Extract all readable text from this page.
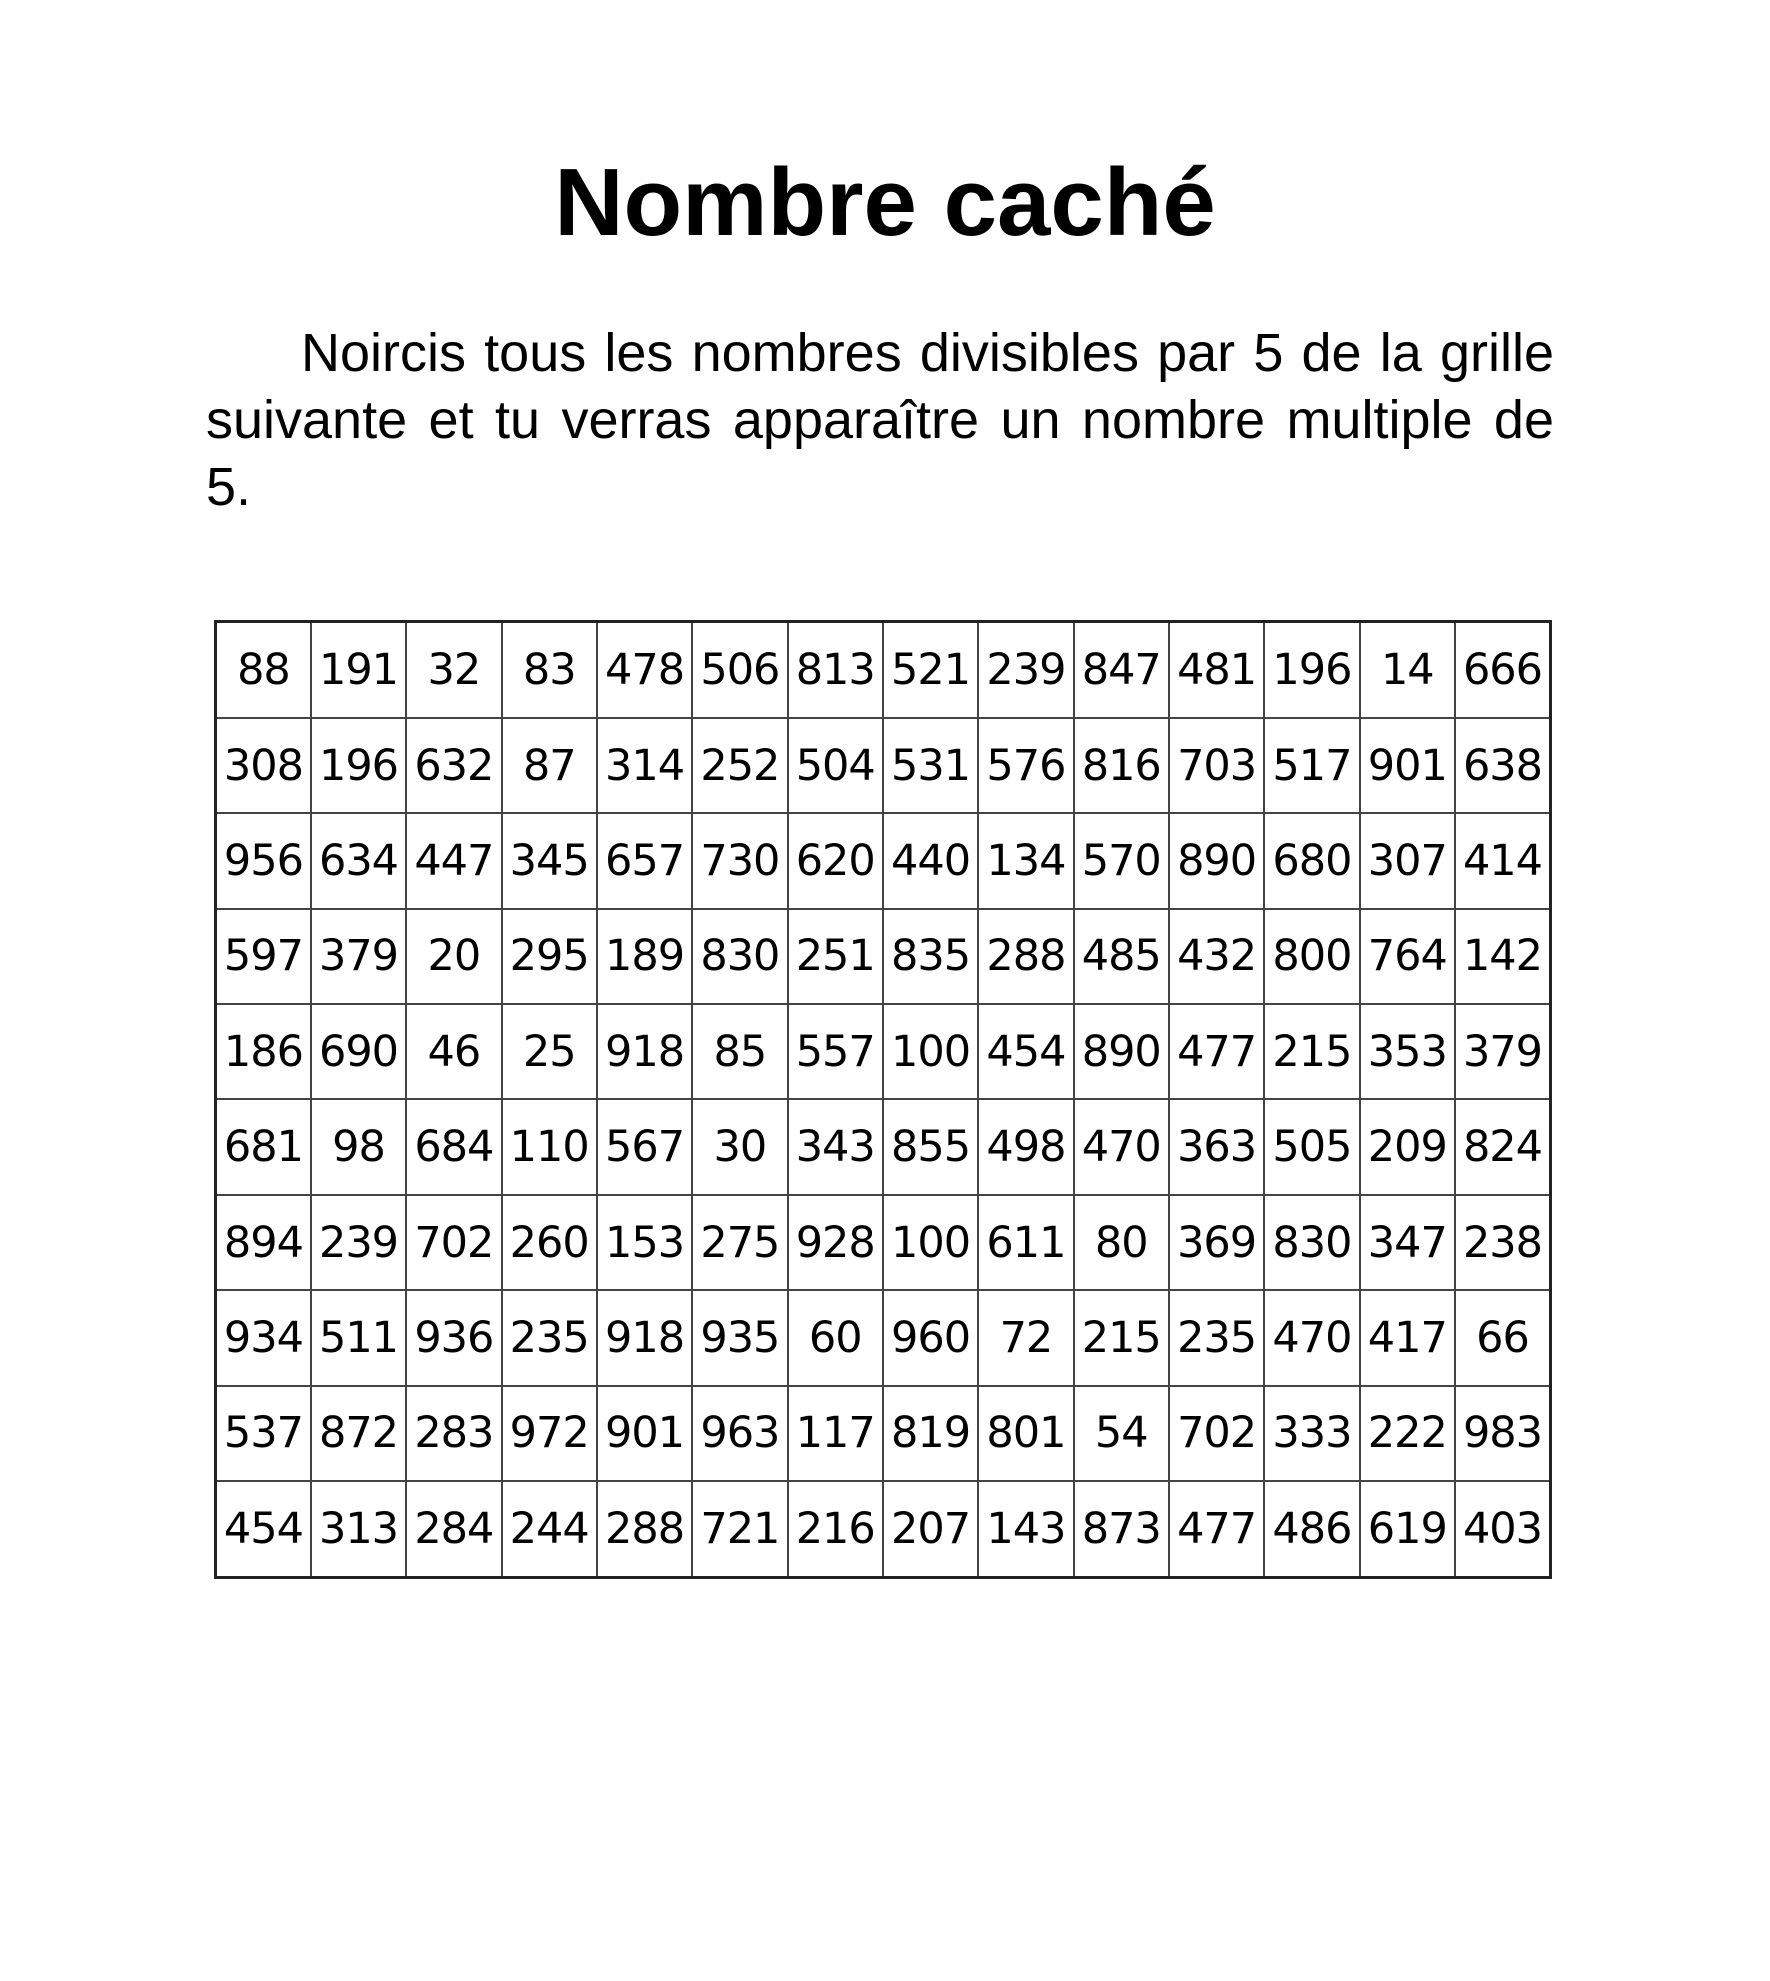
Nombre caché

Noircis tous les nombres divisibles par 5 de la grille suivante et tu verras apparaître un nombre multiple de 5.

88	191	32	83	478	506	813	521	239	847	481	196	14	666
308	196	632	87	314	252	504	531	576	816	703	517	901	638
956	634	447	345	657	730	620	440	134	570	890	680	307	414
597	379	20	295	189	830	251	835	288	485	432	800	764	142
186	690	46	25	918	85	557	100	454	890	477	215	353	379
681	98	684	110	567	30	343	855	498	470	363	505	209	824
894	239	702	260	153	275	928	100	611	80	369	830	347	238
934	511	936	235	918	935	60	960	72	215	235	470	417	66
537	872	283	972	901	963	117	819	801	54	702	333	222	983
454	313	284	244	288	721	216	207	143	873	477	486	619	403
